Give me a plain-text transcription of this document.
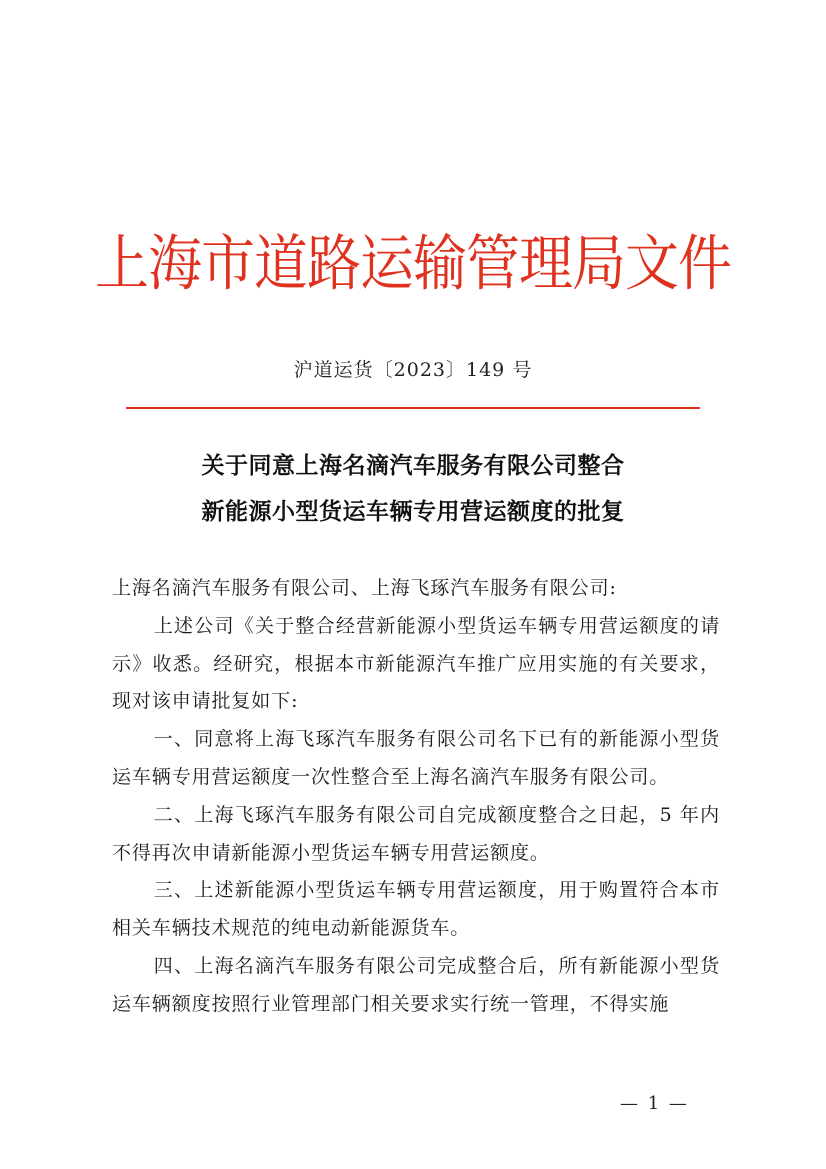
上海市道路运输管理局文件
沪道运货〔2023〕149 号
关于同意上海名滴汽车服务有限公司整合
新能源小型货运车辆专用营运额度的批复

上海名滴汽车服务有限公司、上海飞琢汽车服务有限公司:

上述公司《关于整合经营新能源小型货运车辆专用营运额度的请示》收悉。经研究，根据本市新能源汽车推广应用实施的有关要求，现对该申请批复如下:

一、同意将上海飞琢汽车服务有限公司名下已有的新能源小型货运车辆专用营运额度一次性整合至上海名滴汽车服务有限公司。

二、上海飞琢汽车服务有限公司自完成额度整合之日起，5 年内不得再次申请新能源小型货运车辆专用营运额度。

三、上述新能源小型货运车辆专用营运额度，用于购置符合本市相关车辆技术规范的纯电动新能源货车。

四、上海名滴汽车服务有限公司完成整合后，所有新能源小型货运车辆额度按照行业管理部门相关要求实行统一管理，不得实施

— 1 —
